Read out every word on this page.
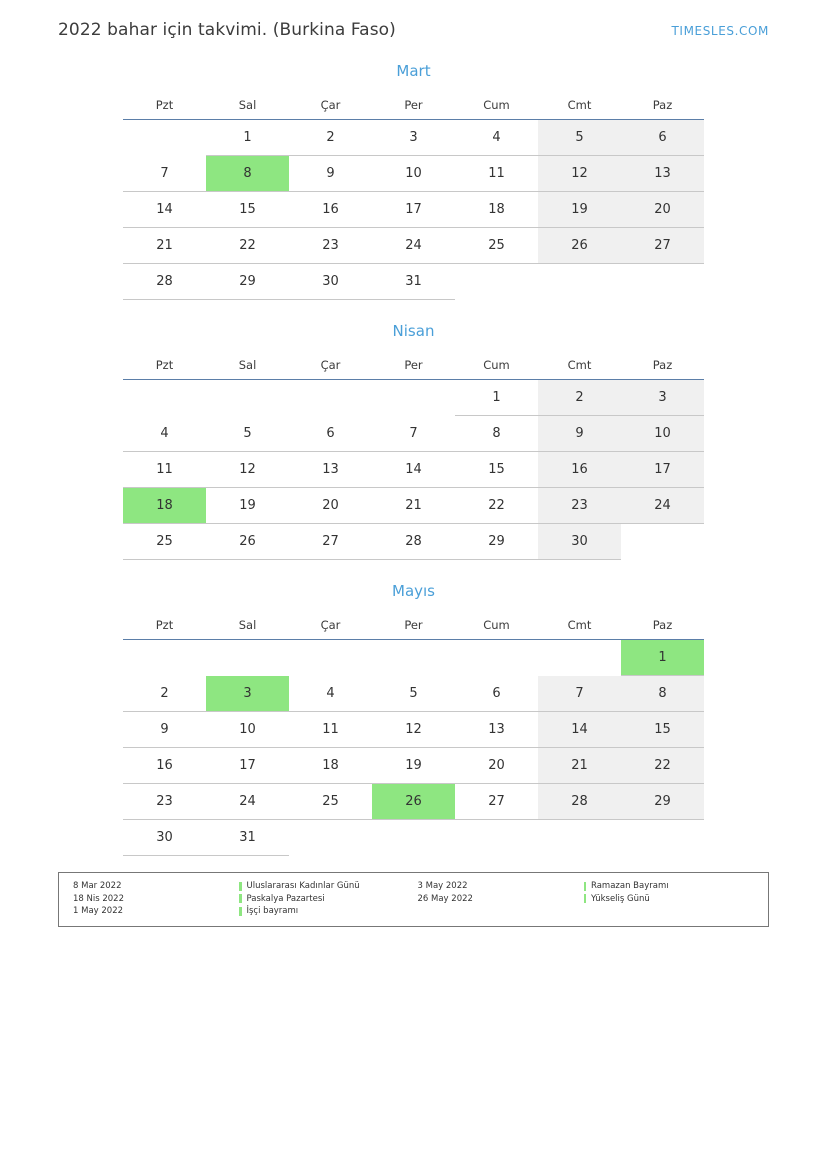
2022 bahar için takvimi. (Burkina Faso)	TIMESLES.COM
Mart
Pzt	Sal	Çar	Per	Cum	Cmt	Paz

	1	2	3	4	5	6

7	8	9	10	11	12	13

14	15	16	17	18	19	20

21	22	23	24	25	26	27

28	29	30	31			

Nisan
Pzt	Sal	Çar	Per	Cum	Cmt	Paz

				1	2	3

4	5	6	7	8	9	10

11	12	13	14	15	16	17

18	19	20	21	22	23	24

25	26	27	28	29	30	

Mayıs
Pzt	Sal	Çar	Per	Cum	Cmt	Paz

						1

2	3	4	5	6	7	8

9	10	11	12	13	14	15

16	17	18	19	20	21	22

23	24	25	26	27	28	29

30	31					

8 Mar 2022	Uluslararası Kadınlar Günü
18 Nis 2022	Paskalya Pazartesi
1 May 2022	İşçi bayramı
3 May 2022	Ramazan Bayramı
26 May 2022	Yükseliş Günü
